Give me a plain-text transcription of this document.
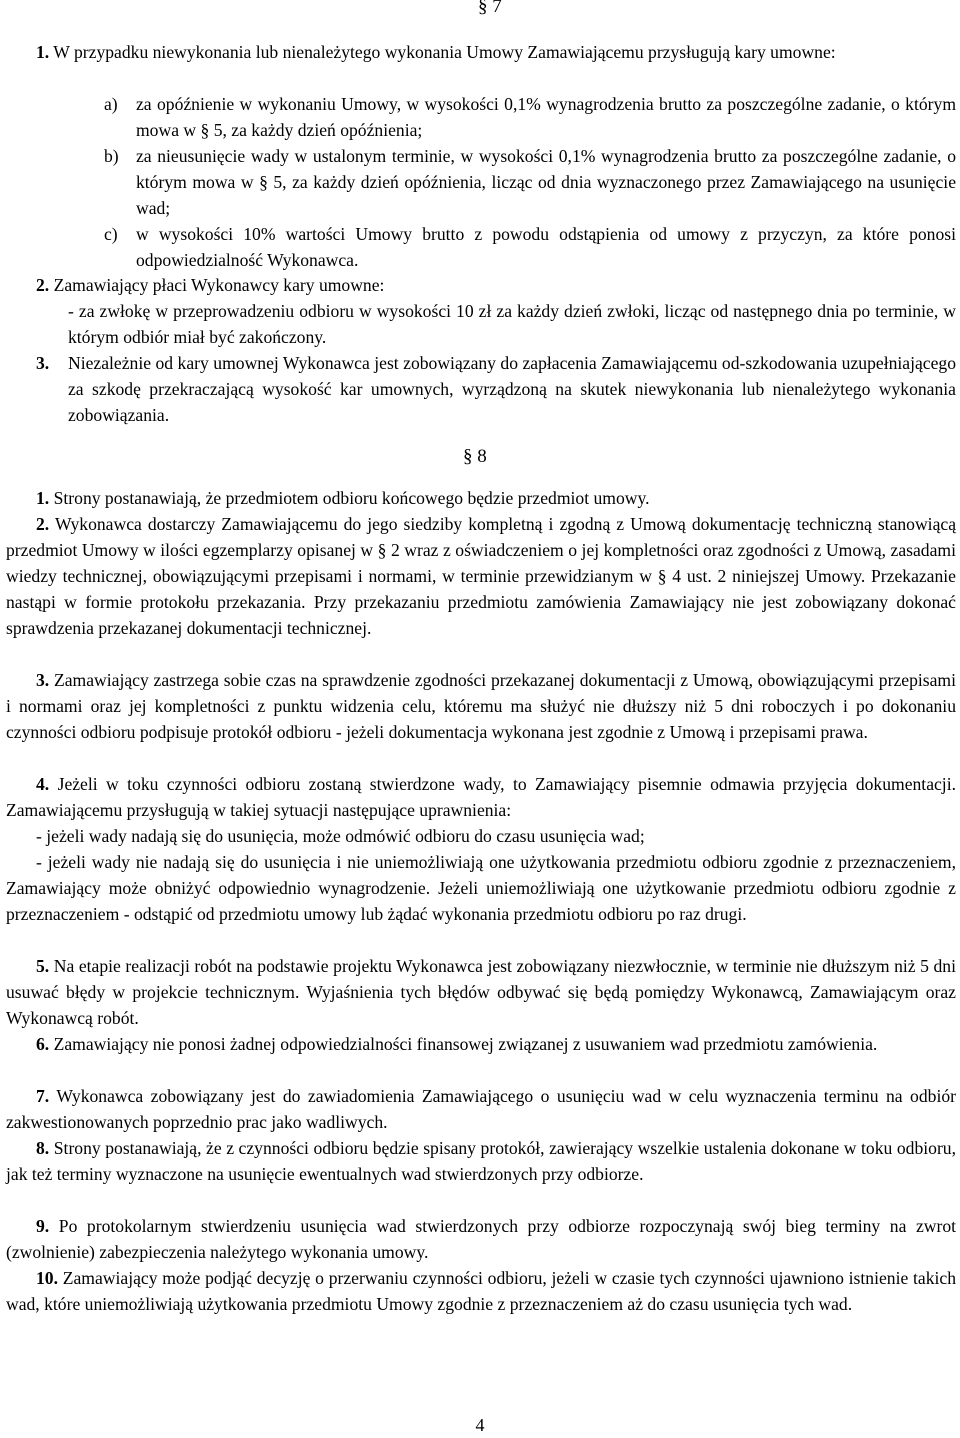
§ 7
1. W przypadku niewykonania lub nienależytego wykonania Umowy Zamawiającemu przysługują kary umowne:
a) za opóźnienie w wykonaniu Umowy, w wysokości 0,1% wynagrodzenia brutto za poszczególne zadanie, o którym mowa w § 5, za każdy dzień opóźnienia;
b) za nieusunięcie wady w ustalonym terminie, w wysokości 0,1% wynagrodzenia brutto za poszczególne zadanie, o którym mowa w § 5, za każdy dzień opóźnienia, licząc od dnia wyznaczonego przez Zamawiającego na usunięcie wad;
c) w wysokości 10% wartości Umowy brutto z powodu odstąpienia od umowy z przyczyn, za które ponosi odpowiedzialność Wykonawca.
2. Zamawiający płaci Wykonawcy kary umowne:
- za zwłokę w przeprowadzeniu odbioru w wysokości 10 zł za każdy dzień zwłoki, licząc od następnego dnia po terminie, w którym odbiór miał być zakończony.
3. Niezależnie od kary umownej Wykonawca jest zobowiązany do zapłacenia Zamawiającemu od-szkodowania uzupełniającego za szkodę przekraczającą wysokość kar umownych, wyrządzoną na skutek niewykonania lub nienależytego wykonania zobowiązania.
§ 8
1. Strony postanawiają, że przedmiotem odbioru końcowego będzie przedmiot umowy.
2. Wykonawca dostarczy Zamawiającemu do jego siedziby kompletną i zgodną z Umową dokumentację techniczną stanowiącą przedmiot Umowy w ilości egzemplarzy opisanej w § 2 wraz z oświadczeniem o jej kompletności oraz zgodności z Umową, zasadami wiedzy technicznej, obowiązującymi przepisami i normami, w terminie przewidzianym w § 4 ust. 2 niniejszej Umowy. Przekazanie nastąpi w formie protokołu przekazania. Przy przekazaniu przedmiotu zamówienia Zamawiający nie jest zobowiązany dokonać sprawdzenia przekazanej dokumentacji technicznej.
3. Zamawiający zastrzega sobie czas na sprawdzenie zgodności przekazanej dokumentacji z Umową, obowiązującymi przepisami i normami oraz jej kompletności z punktu widzenia celu, któremu ma służyć nie dłuższy niż 5 dni roboczych i po dokonaniu czynności odbioru podpisuje protokół odbioru - jeżeli dokumentacja wykonana jest zgodnie z Umową i przepisami prawa.
4. Jeżeli w toku czynności odbioru zostaną stwierdzone wady, to Zamawiający pisemnie odmawia przyjęcia dokumentacji. Zamawiającemu przysługują w takiej sytuacji następujące uprawnienia:
- jeżeli wady nadają się do usunięcia, może odmówić odbioru do czasu usunięcia wad;
- jeżeli wady nie nadają się do usunięcia i nie uniemożliwiają one użytkowania przedmiotu odbioru zgodnie z przeznaczeniem, Zamawiający może obniżyć odpowiednio wynagrodzenie. Jeżeli uniemożliwiają one użytkowanie przedmiotu odbioru zgodnie z przeznaczeniem - odstąpić od przedmiotu umowy lub żądać wykonania przedmiotu odbioru po raz drugi.
5. Na etapie realizacji robót na podstawie projektu Wykonawca jest zobowiązany niezwłocznie, w terminie nie dłuższym niż 5 dni usuwać błędy w projekcie technicznym. Wyjaśnienia tych błędów odbywać się będą pomiędzy Wykonawcą, Zamawiającym oraz Wykonawcą robót.
6. Zamawiający nie ponosi żadnej odpowiedzialności finansowej związanej z usuwaniem wad przedmiotu zamówienia.
7. Wykonawca zobowiązany jest do zawiadomienia Zamawiającego o usunięciu wad w celu wyznaczenia terminu na odbiór zakwestionowanych poprzednio prac jako wadliwych.
8. Strony postanawiają, że z czynności odbioru będzie spisany protokół, zawierający wszelkie ustalenia dokonane w toku odbioru, jak też terminy wyznaczone na usunięcie ewentualnych wad stwierdzonych przy odbiorze.
9. Po protokolarnym stwierdzeniu usunięcia wad stwierdzonych przy odbiorze rozpoczynają swój bieg terminy na zwrot (zwolnienie) zabezpieczenia należytego wykonania umowy.
10. Zamawiający może podjąć decyzję o przerwaniu czynności odbioru, jeżeli w czasie tych czynności ujawniono istnienie takich wad, które uniemożliwiają użytkowania przedmiotu Umowy zgodnie z przeznaczeniem aż do czasu usunięcia tych wad.
4
